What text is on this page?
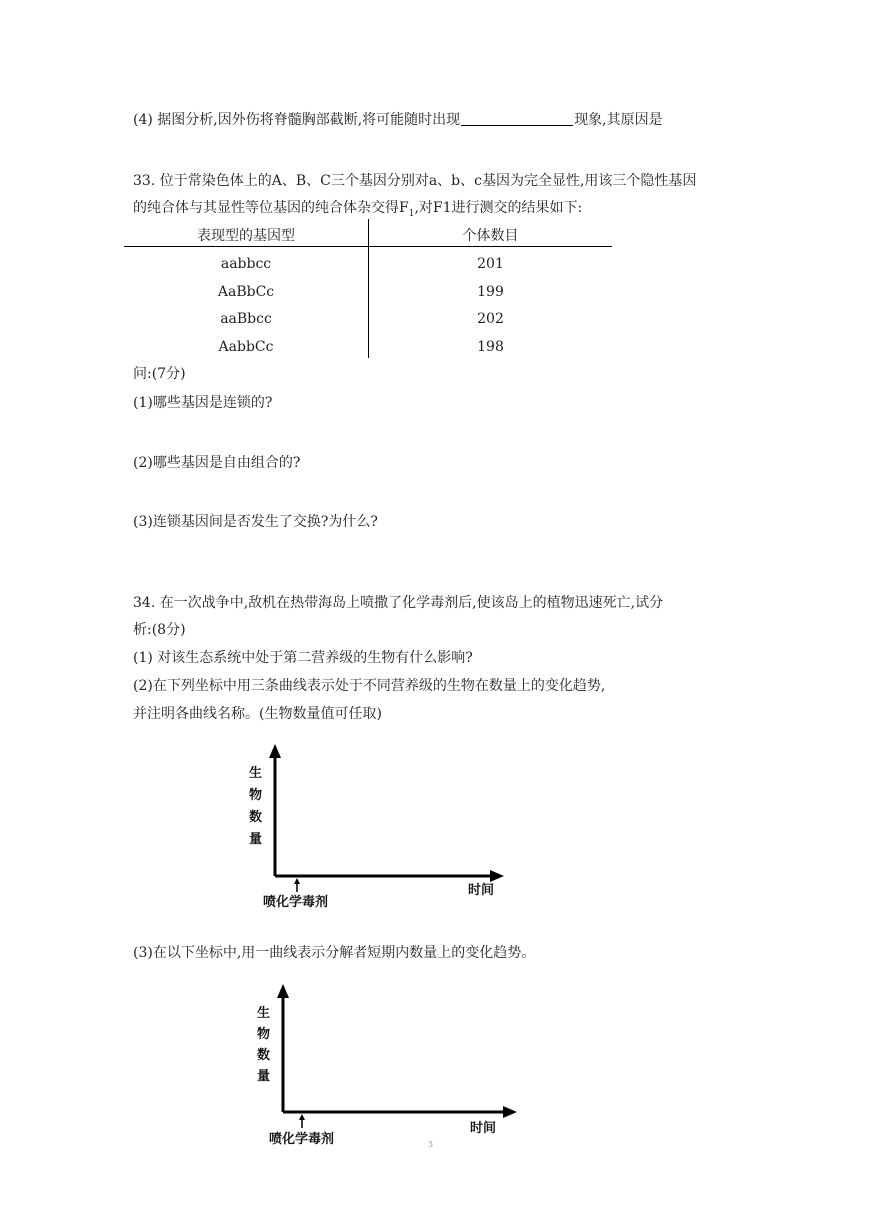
(4) 据图分析,因外伤将脊髓胸部截断,将可能随时出现	现象,其原因是
33. 位于常染色体上的A、B、C三个基因分别对a、b、c基因为完全显性,用该三个隐性基因
的纯合体与其显性等位基因的纯合体杂交得$F_1$,对F1进行测交的结果如下:
表现型的基因型	个体数目
aabbcc	201
AaBbCc	199
aaBbcc	202
AabbCc	198
问:(7分)
(1)哪些基因是连锁的?
(2)哪些基因是自由组合的?
(3)连锁基因间是否发生了交换?为什么?
34. 在一次战争中,敌机在热带海岛上喷撒了化学毒剂后,使该岛上的植物迅速死亡,试分
析:(8分)
(1) 对该生态系统中处于第二营养级的生物有什么影响?
(2)在下列坐标中用三条曲线表示处于不同营养级的生物在数量上的变化趋势,
并注明各曲线名称。(生物数量值可任取)
生
物
数
量
喷化学毒剂
时间
(3)在以下坐标中,用一曲线表示分解者短期内数量上的变化趋势。
生
物
数
量
喷化学毒剂
时间
3
